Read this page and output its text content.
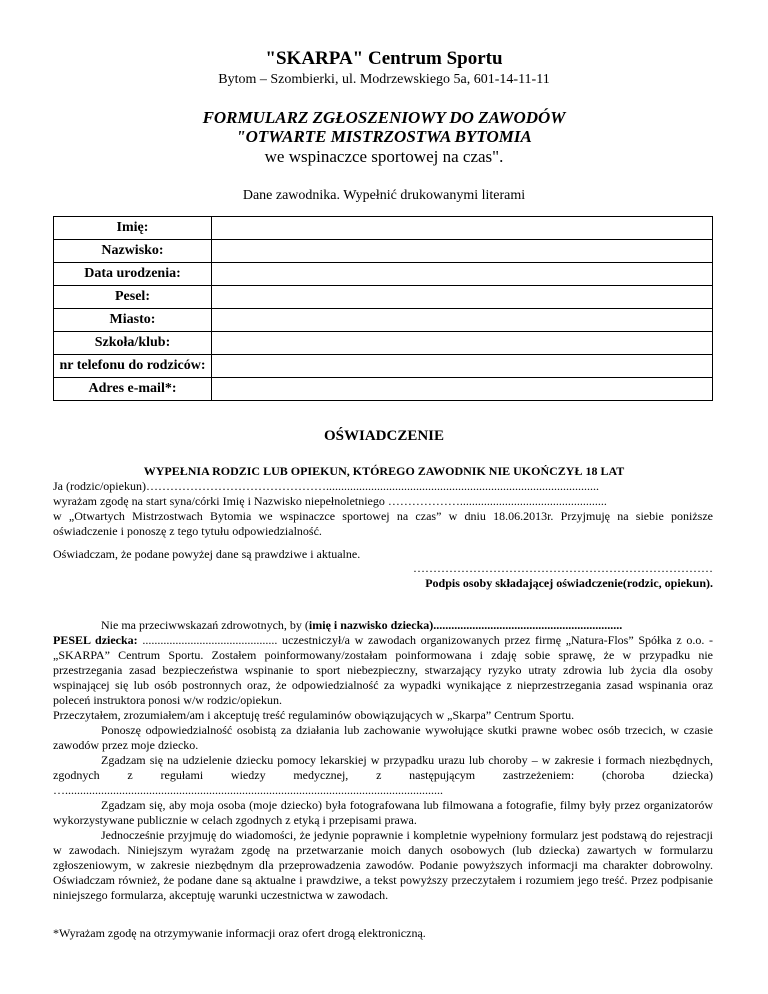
"SKARPA" Centrum Sportu
Bytom – Szombierki, ul. Modrzewskiego 5a, 601-14-11-11
FORMULARZ ZGŁOSZENIOWY DO ZAWODÓW
"OTWARTE MISTRZOSTWA BYTOMIA
we wspinaczce sportowej na czas".
Dane zawodnika. Wypełnić drukowanymi literami
Imię:	
Nazwisko:	
Data urodzenia:	
Pesel:	
Miasto:	
Szkoła/klub:	
nr telefonu do rodziców:	
Adres e-mail*:	
OŚWIADCZENIE
WYPEŁNIA RODZIC LUB OPIEKUN, KTÓREGO ZAWODNIK NIE UKOŃCZYŁ 18 LAT

Ja (rodzic/opiekun)………………………………………...........................................................................................

wyrażam zgodę na start syna/córki Imię i Nazwisko niepełnoletniego ……………….................................................

w „Otwartych Mistrzostwach Bytomia we wspinaczce sportowej na czas” w dniu 18.06.2013r. Przyjmuję na siebie poniższe oświadczenie i ponoszę z tego tytułu odpowiedzialność.

Oświadczam, że podane powyżej dane są prawdziwe i aktualne.
…………………………………………………………………
Podpis osoby składającej oświadczenie(rodzic, opiekun).

Nie ma przeciwwskazań zdrowotnych, by (imię i nazwisko dziecka)...............................................................

PESEL dziecka: ............................................. uczestniczył/a w zawodach organizowanych przez firmę „Natura-Flos” Spółka z o.o. - „SKARPA” Centrum Sportu. Zostałem poinformowany/zostałam poinformowana i zdaję sobie sprawę, że w przypadku nie przestrzegania zasad bezpieczeństwa wspinanie to sport niebezpieczny, stwarzający ryzyko utraty zdrowia lub życia dla osoby wspinającej się lub osób postronnych oraz, że odpowiedzialność za wypadki wynikające z nieprzestrzegania zasad wspinania oraz poleceń instruktora ponosi w/w rodzic/opiekun.

Przeczytałem, zrozumiałem/am i akceptuję treść regulaminów obowiązujących w „Skarpa” Centrum Sportu.

Ponoszę odpowiedzialność osobistą za działania lub zachowanie wywołujące skutki prawne wobec osób trzecich, w czasie zawodów przez moje dziecko.

Zgadzam się na udzielenie dziecku pomocy lekarskiej w przypadku urazu lub choroby – w zakresie i formach niezbędnych, zgodnych z regułami wiedzy medycznej, z następującym zastrzeżeniem: (choroba dziecka) …..............................................................................................................................

Zgadzam się, aby moja osoba (moje dziecko) była fotografowana lub filmowana a fotografie, filmy były przez organizatorów wykorzystywane publicznie w celach zgodnych z etyką i przepisami prawa.

Jednocześnie przyjmuję do wiadomości, że jedynie poprawnie i kompletnie wypełniony formularz jest podstawą do rejestracji w zawodach. Niniejszym wyrażam zgodę na przetwarzanie moich danych osobowych (lub dziecka) zawartych w formularzu zgłoszeniowym, w zakresie niezbędnym dla przeprowadzenia zawodów. Podanie powyższych informacji ma charakter dobrowolny. Oświadczam również, że podane dane są aktualne i prawdziwe, a tekst powyższy przeczytałem i rozumiem jego treść. Przez podpisanie niniejszego formularza, akceptuję warunki uczestnictwa w zawodach.

*Wyrażam zgodę na otrzymywanie informacji oraz ofert drogą elektroniczną.
